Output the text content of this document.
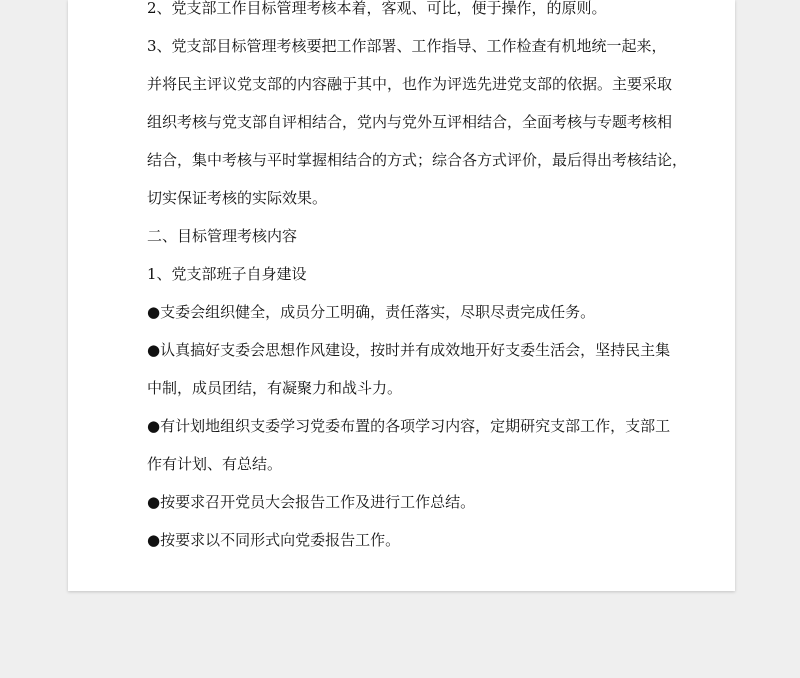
2、党支部工作目标管理考核本着，客观、可比，便于操作，的原则。
3、党支部目标管理考核要把工作部署、工作指导、工作检查有机地统一起来，
并将民主评议党支部的内容融于其中，也作为评选先进党支部的依据。主要采取
组织考核与党支部自评相结合，党内与党外互评相结合，全面考核与专题考核相
结合，集中考核与平时掌握相结合的方式；综合各方式评价，最后得出考核结论，
切实保证考核的实际效果。
二、目标管理考核内容
1、党支部班子自身建设
●支委会组织健全，成员分工明确，责任落实，尽职尽责完成任务。
●认真搞好支委会思想作风建设，按时并有成效地开好支委生活会，坚持民主集
中制，成员团结，有凝聚力和战斗力。
●有计划地组织支委学习党委布置的各项学习内容，定期研究支部工作，支部工
作有计划、有总结。
●按要求召开党员大会报告工作及进行工作总结。
●按要求以不同形式向党委报告工作。
